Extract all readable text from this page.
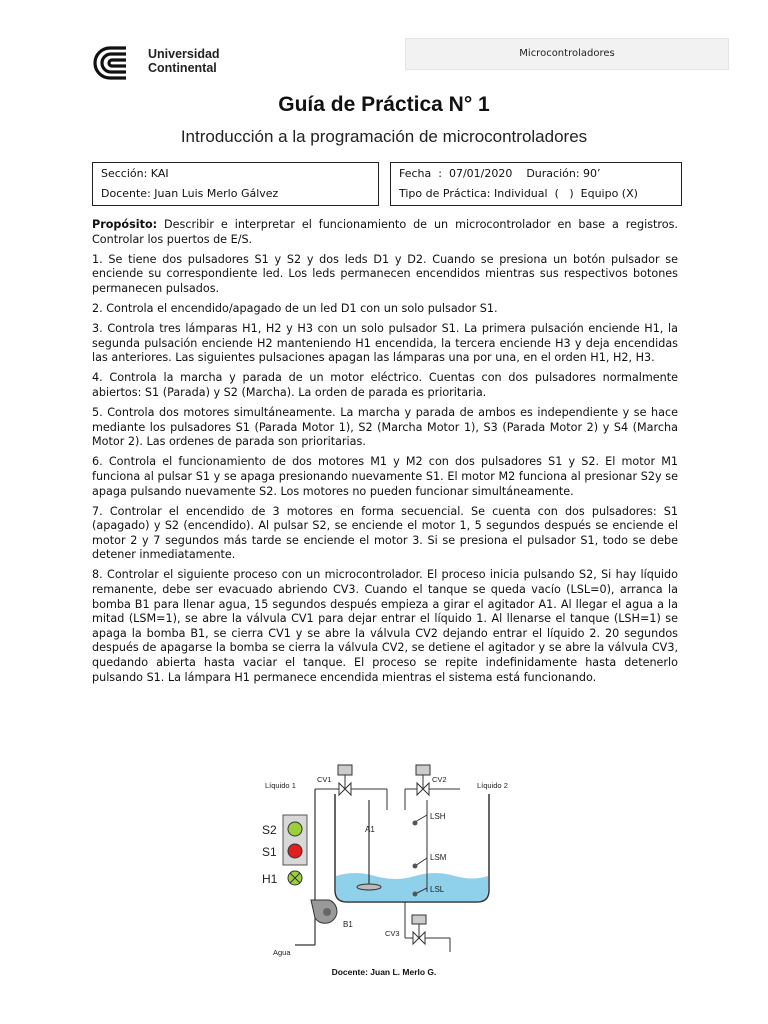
Universidad
Continental
Microcontroladores
Guía de Práctica N° 1
Introducción a la programación de microcontroladores
Sección: KAI
Docente: Juan Luis Merlo Gálvez
Fecha  :  07/01/2020    Duración: 90’
Tipo de Práctica: Individual  (   )  Equipo (X)

Propósito: Describir e interpretar el funcionamiento de un microcontrolador en base a registros. Controlar los puertos de E/S.

1. Se tiene dos pulsadores S1 y S2 y dos leds D1 y D2. Cuando se presiona un botón pulsador se enciende su correspondiente led. Los leds permanecen encendidos mientras sus respectivos botones permanecen pulsados.

2. Controla el encendido/apagado de un led D1 con un solo pulsador S1.

3. Controla tres lámparas H1, H2 y H3 con un solo pulsador S1. La primera pulsación enciende H1, la segunda pulsación enciende H2 manteniendo H1 encendida, la tercera enciende H3 y deja encendidas las anteriores. Las siguientes pulsaciones apagan las lámparas una por una, en el orden H1, H2, H3.

4. Controla la marcha y parada de un motor eléctrico. Cuentas con dos pulsadores normalmente abiertos: S1 (Parada) y S2 (Marcha). La orden de parada es prioritaria.

5. Controla dos motores simultáneamente. La marcha y parada de ambos es independiente y se hace mediante los pulsadores S1 (Parada Motor 1), S2 (Marcha Motor 1), S3 (Parada Motor 2) y S4 (Marcha Motor 2). Las ordenes de parada son prioritarias.

6. Controla el funcionamiento de dos motores M1 y M2 con dos pulsadores S1 y S2. El motor M1 funciona al pulsar S1 y se apaga presionando nuevamente S1. El motor M2 funciona al presionar S2y se apaga pulsando nuevamente S2. Los motores no pueden funcionar simultáneamente.

7. Controlar el encendido de 3 motores en forma secuencial. Se cuenta con dos pulsadores: S1 (apagado) y S2 (encendido). Al pulsar S2, se enciende el motor 1, 5 segundos después se enciende el motor 2 y 7 segundos más tarde se enciende el motor 3. Si se presiona el pulsador S1, todo se debe detener inmediatamente.

8. Controlar el siguiente proceso con un microcontrolador. El proceso inicia pulsando S2, Si hay líquido remanente, debe ser evacuado abriendo CV3. Cuando el tanque se queda vacío (LSL=0), arranca la bomba B1 para llenar agua, 15 segundos después empieza a girar el agitador A1. Al llegar el agua a la mitad (LSM=1), se abre la válvula CV1 para dejar entrar el líquido 1. Al llenarse el tanque (LSH=1) se apaga la bomba B1, se cierra CV1 y se abre la válvula CV2 dejando entrar el líquido 2. 20 segundos después de apagarse la bomba se cierra la válvula CV2, se detiene el agitador y se abre la válvula CV3, quedando abierta hasta vaciar el tanque. El proceso se repite indefinidamente hasta detenerlo pulsando S1. La lámpara H1 permanece encendida mientras el sistema está funcionando.

Líquido 1
CV1
Líquido 2
CV2
A1
LSH
LSM
LSL
S2
S1
H1
B1
Agua
CV3
Docente: Juan L. Merlo G.
